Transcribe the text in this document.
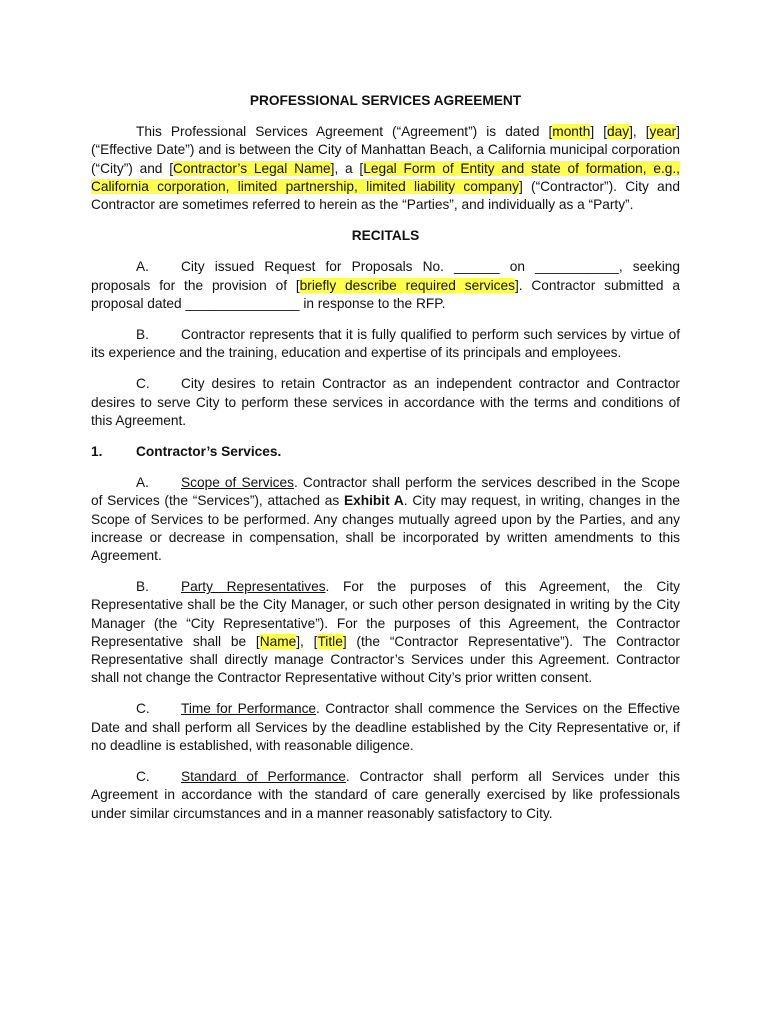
PROFESSIONAL SERVICES AGREEMENT

This Professional Services Agreement (“Agreement”) is dated [month] [day], [year] (“Effective Date”) and is between the City of Manhattan Beach, a California municipal corporation (“City”) and [Contractor’s Legal Name], a [Legal Form of Entity and state of formation, e.g., California corporation, limited partnership, limited liability company] (“Contractor”). City and Contractor are sometimes referred to herein as the “Parties”, and individually as a “Party”.

RECITALS

A. City issued Request for Proposals No. ______ on ___________, seeking proposals for the provision of [briefly describe required services]. Contractor submitted a proposal dated _______________ in response to the RFP.

B. Contractor represents that it is fully qualified to perform such services by virtue of its experience and the training, education and expertise of its principals and employees.

C. City desires to retain Contractor as an independent contractor and Contractor desires to serve City to perform these services in accordance with the terms and conditions of this Agreement.

1. Contractor’s Services.

A. Scope of Services. Contractor shall perform the services described in the Scope of Services (the “Services”), attached as Exhibit A. City may request, in writing, changes in the Scope of Services to be performed. Any changes mutually agreed upon by the Parties, and any increase or decrease in compensation, shall be incorporated by written amendments to this Agreement.

B. Party Representatives. For the purposes of this Agreement, the City Representative shall be the City Manager, or such other person designated in writing by the City Manager (the “City Representative”). For the purposes of this Agreement, the Contractor Representative shall be [Name], [Title] (the “Contractor Representative”). The Contractor Representative shall directly manage Contractor’s Services under this Agreement. Contractor shall not change the Contractor Representative without City’s prior written consent.

C. Time for Performance. Contractor shall commence the Services on the Effective Date and shall perform all Services by the deadline established by the City Representative or, if no deadline is established, with reasonable diligence.

C. Standard of Performance. Contractor shall perform all Services under this Agreement in accordance with the standard of care generally exercised by like professionals under similar circumstances and in a manner reasonably satisfactory to City.
